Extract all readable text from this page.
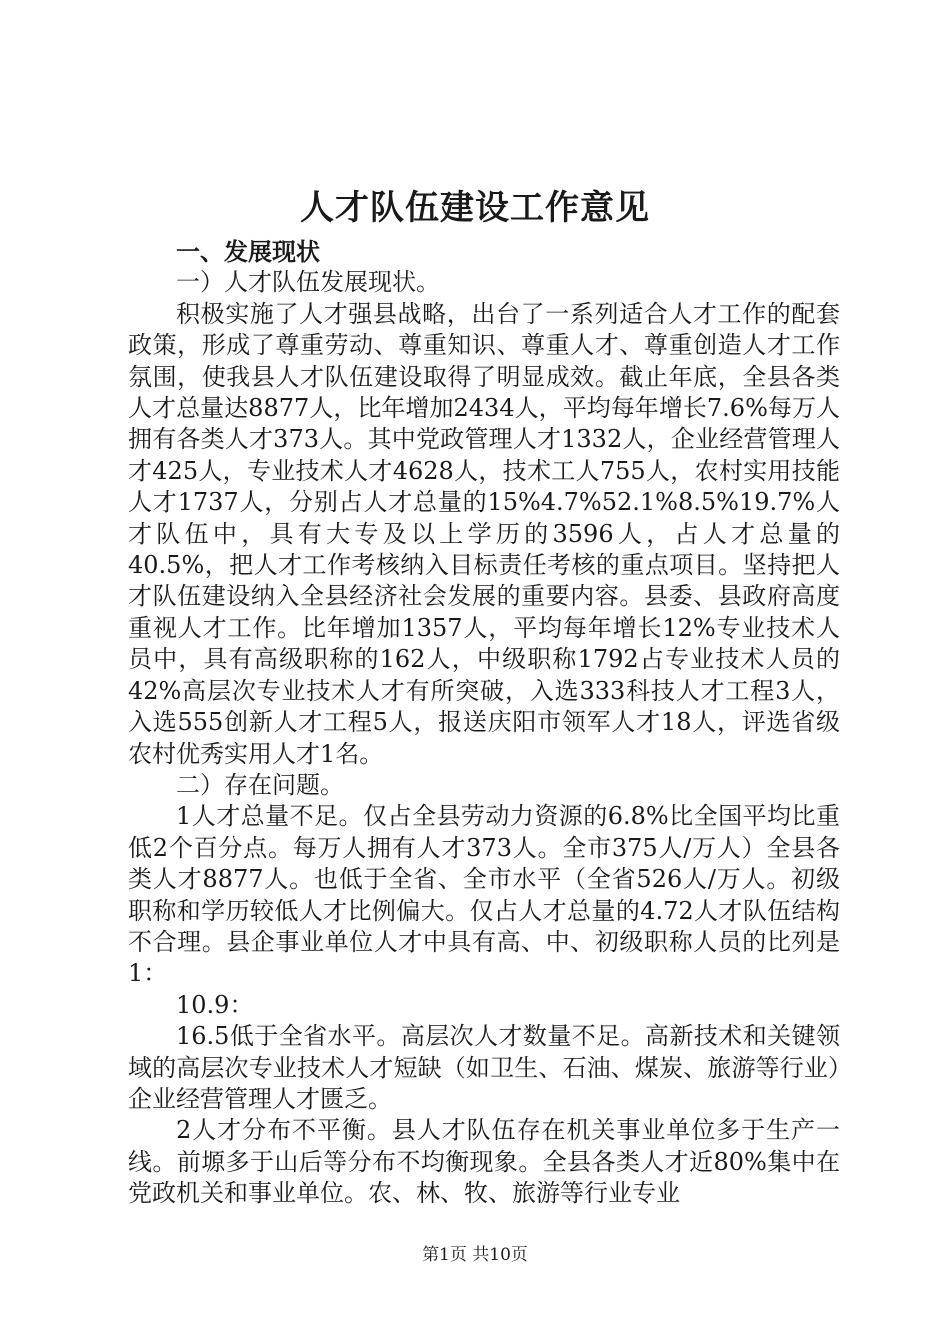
人才队伍建设工作意见

一、发展现状

一）人才队伍发展现状。

积极实施了人才强县战略，出台了一系列适合人才工作的配套政策，形成了尊重劳动、尊重知识、尊重人才、尊重创造人才工作氛围，使我县人才队伍建设取得了明显成效。截止年底，全县各类人才总量达8877人，比年增加2434人，平均每年增长7.6%每万人拥有各类人才373人。其中党政管理人才1332人，企业经营管理人才425人，专业技术人才4628人，技术工人755人，农村实用技能人才1737人，分别占人才总量的15%4.7%52.1%8.5%19.7%人才队伍中，具有大专及以上学历的3596人，占人才总量的40.5%，把人才工作考核纳入目标责任考核的重点项目。坚持把人才队伍建设纳入全县经济社会发展的重要内容。县委、县政府高度重视人才工作。比年增加1357人，平均每年增长12%专业技术人员中，具有高级职称的162人，中级职称1792占专业技术人员的42%高层次专业技术人才有所突破，入选333科技人才工程3人，入选555创新人才工程5人，报送庆阳市领军人才18人，评选省级农村优秀实用人才1名。

二）存在问题。

1人才总量不足。仅占全县劳动力资源的6.8%比全国平均比重低2个百分点。每万人拥有人才373人。全市375人/万人）全县各类人才8877人。也低于全省、全市水平（全省526人/万人。初级职称和学历较低人才比例偏大。仅占人才总量的4.72人才队伍结构不合理。县企事业单位人才中具有高、中、初级职称人员的比列是1：

10.9：

16.5低于全省水平。高层次人才数量不足。高新技术和关键领域的高层次专业技术人才短缺（如卫生、石油、煤炭、旅游等行业）企业经营管理人才匮乏。

2人才分布不平衡。县人才队伍存在机关事业单位多于生产一线。前塬多于山后等分布不均衡现象。全县各类人才近80%集中在党政机关和事业单位。农、林、牧、旅游等行业专业

第1页 共10页
